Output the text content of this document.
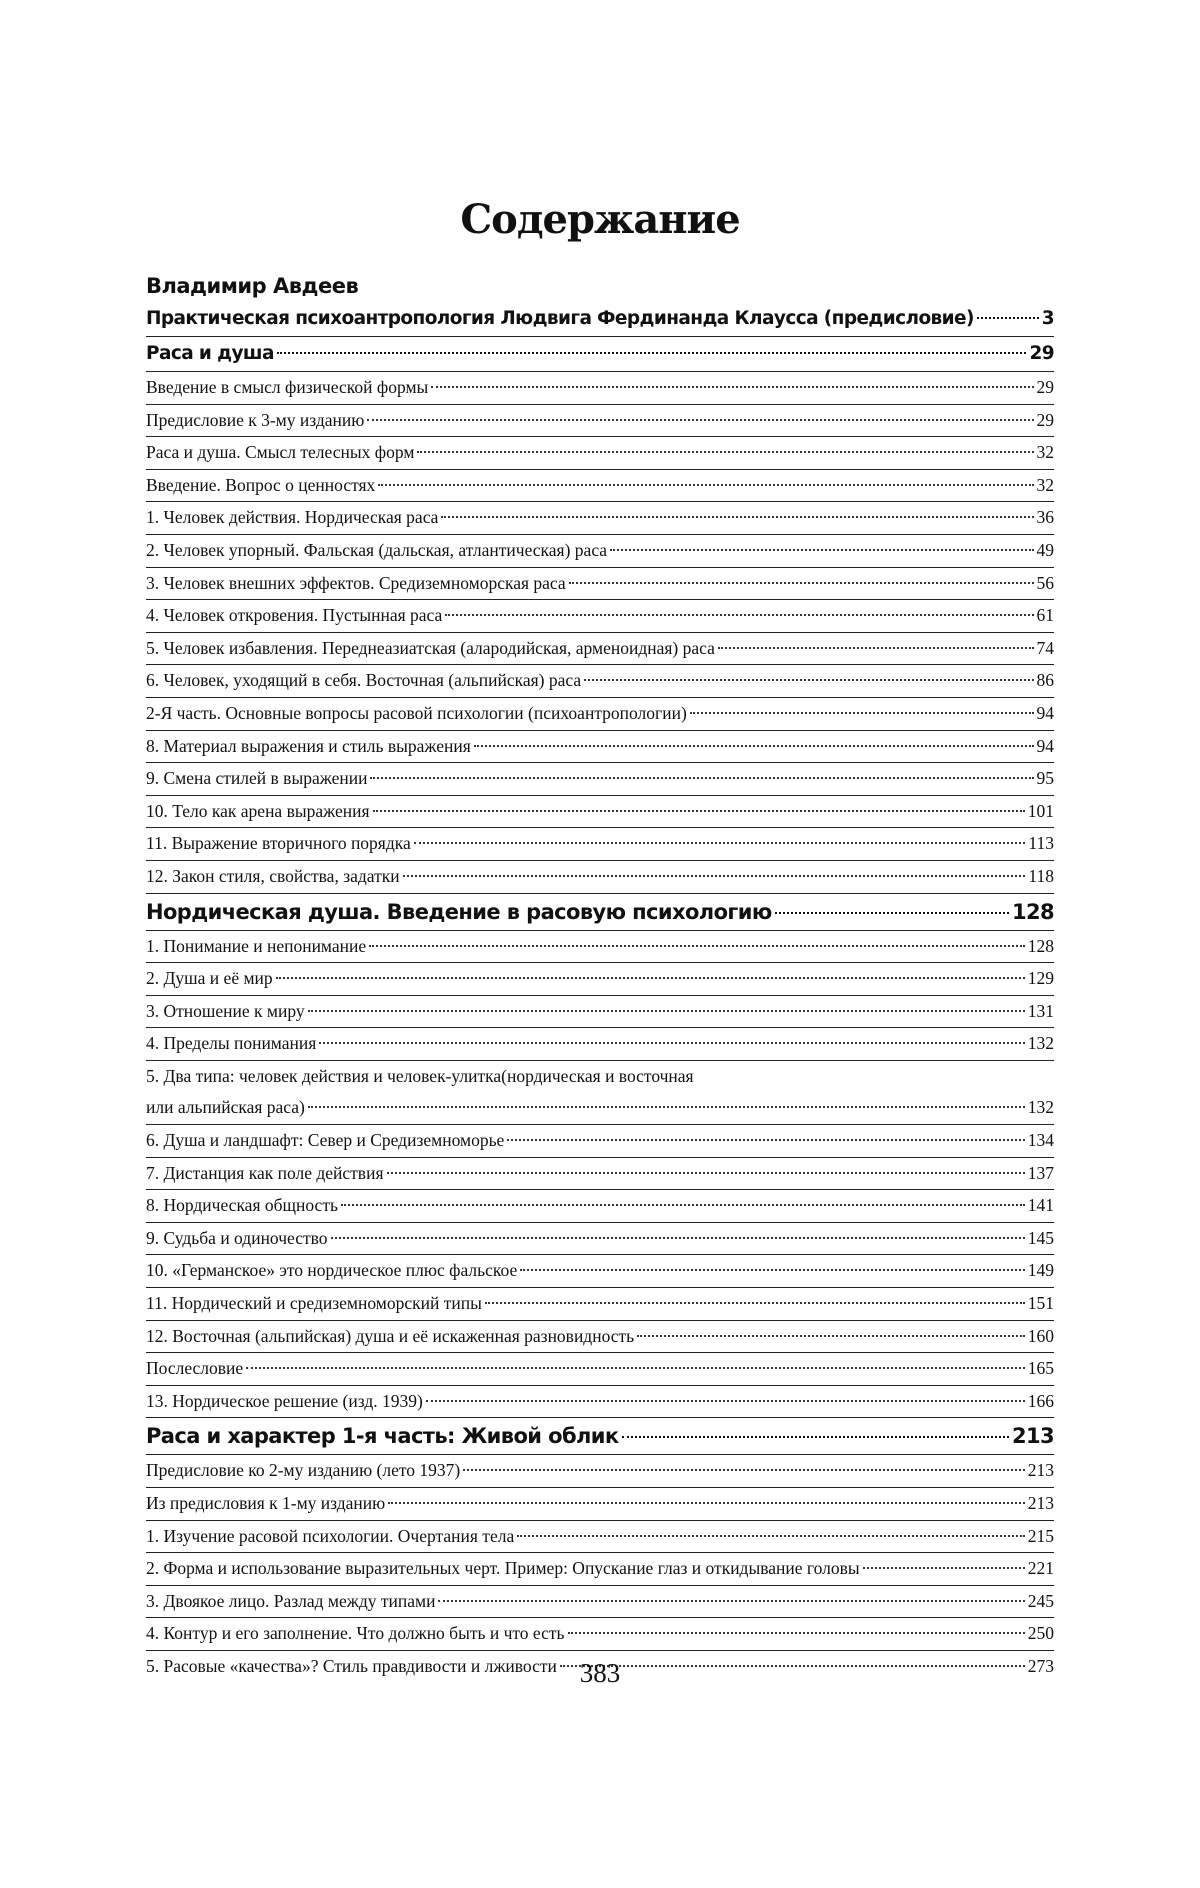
Содержание
Владимир Авдеев
Практическая психоантропология Людвига Фердинанда Клаусса (предисловие)	3
Раса и душа	29
Введение в смысл физической формы	29
Предисловие к 3-му изданию	29
Раса и душа. Смысл телесных форм	32
Введение. Вопрос о ценностях	32
1. Человек действия. Нордическая раса	36
2. Человек упорный. Фальская (дальская, атлантическая) раса	49
3. Человек внешних эффектов. Средиземноморская раса	56
4. Человек откровения. Пустынная раса	61
5. Человек избавления. Переднеазиатская (алародийская, арменоидная) раса	74
6. Человек, уходящий в себя. Восточная (альпийская) раса	86
2-Я часть. Основные вопросы расовой психологии (психоантропологии)	94
8. Материал выражения и стиль выражения	94
9. Смена стилей в выражении	95
10. Тело как арена выражения	101
11. Выражение вторичного порядка	113
12. Закон стиля, свойства, задатки	118
Нордическая душа. Введение в расовую психологию	128
1. Понимание и непонимание	128
2. Душа и её мир	129
3. Отношение к миру	131
4. Пределы понимания	132
5. Два типа: человек действия и человек-улитка(нордическая и восточная
или альпийская раса)	132
6. Душа и ландшафт: Север и Средиземноморье	134
7. Дистанция как поле действия	137
8. Нордическая общность	141
9. Судьба и одиночество	145
10. «Германское» это нордическое плюс фальское	149
11. Нордический и средиземноморский типы	151
12. Восточная (альпийская) душа и её искаженная разновидность	160
Послесловие	165
13. Нордическое решение (изд. 1939)	166
Раса и характер 1-я часть: Живой облик	213
Предисловие ко 2-му изданию (лето 1937)	213
Из предисловия к 1-му изданию	213
1. Изучение расовой психологии. Очертания тела	215
2. Форма и использование выразительных черт. Пример: Опускание глаз и откидывание головы	221
3. Двоякое лицо. Разлад между типами	245
4. Контур и его заполнение. Что должно быть и что есть	250
5. Расовые «качества»? Стиль правдивости и лживости	273
383
